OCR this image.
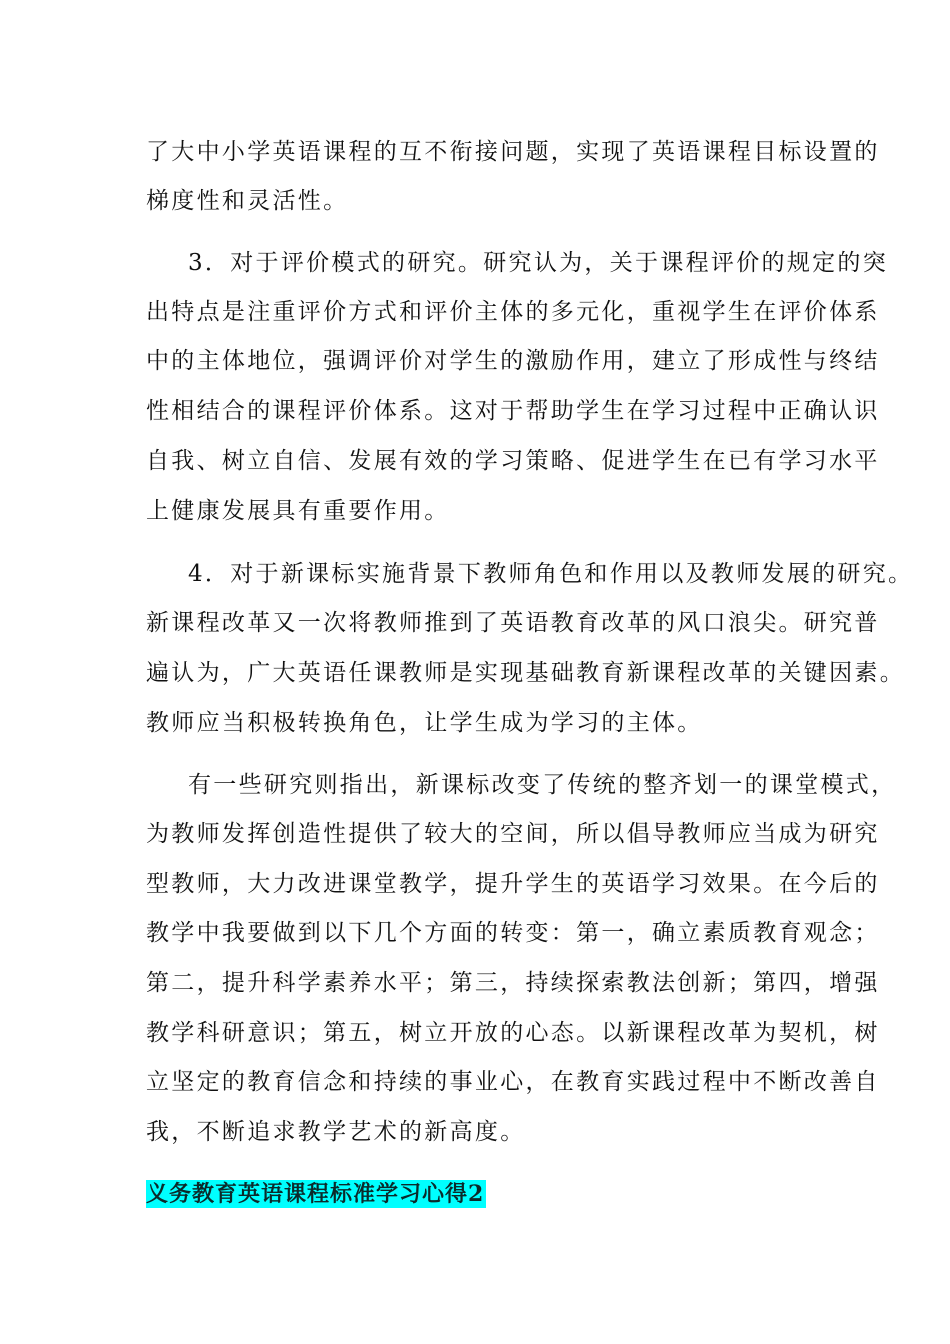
了大中小学英语课程的互不衔接问题，实现了英语课程目标设置的
梯度性和灵活性。
3．对于评价模式的研究。研究认为，关于课程评价的规定的突
出特点是注重评价方式和评价主体的多元化，重视学生在评价体系
中的主体地位，强调评价对学生的激励作用，建立了形成性与终结
性相结合的课程评价体系。这对于帮助学生在学习过程中正确认识
自我、树立自信、发展有效的学习策略、促进学生在已有学习水平
上健康发展具有重要作用。
4．对于新课标实施背景下教师角色和作用以及教师发展的研究。
新课程改革又一次将教师推到了英语教育改革的风口浪尖。研究普
遍认为，广大英语任课教师是实现基础教育新课程改革的关键因素。
教师应当积极转换角色，让学生成为学习的主体。
有一些研究则指出，新课标改变了传统的整齐划一的课堂模式，
为教师发挥创造性提供了较大的空间，所以倡导教师应当成为研究
型教师，大力改进课堂教学，提升学生的英语学习效果。在今后的
教学中我要做到以下几个方面的转变：第一，确立素质教育观念；
第二，提升科学素养水平；第三，持续探索教法创新；第四，增强
教学科研意识；第五，树立开放的心态。以新课程改革为契机，树
立坚定的教育信念和持续的事业心，在教育实践过程中不断改善自
我，不断追求教学艺术的新高度。
义务教育英语课程标准学习心得2
